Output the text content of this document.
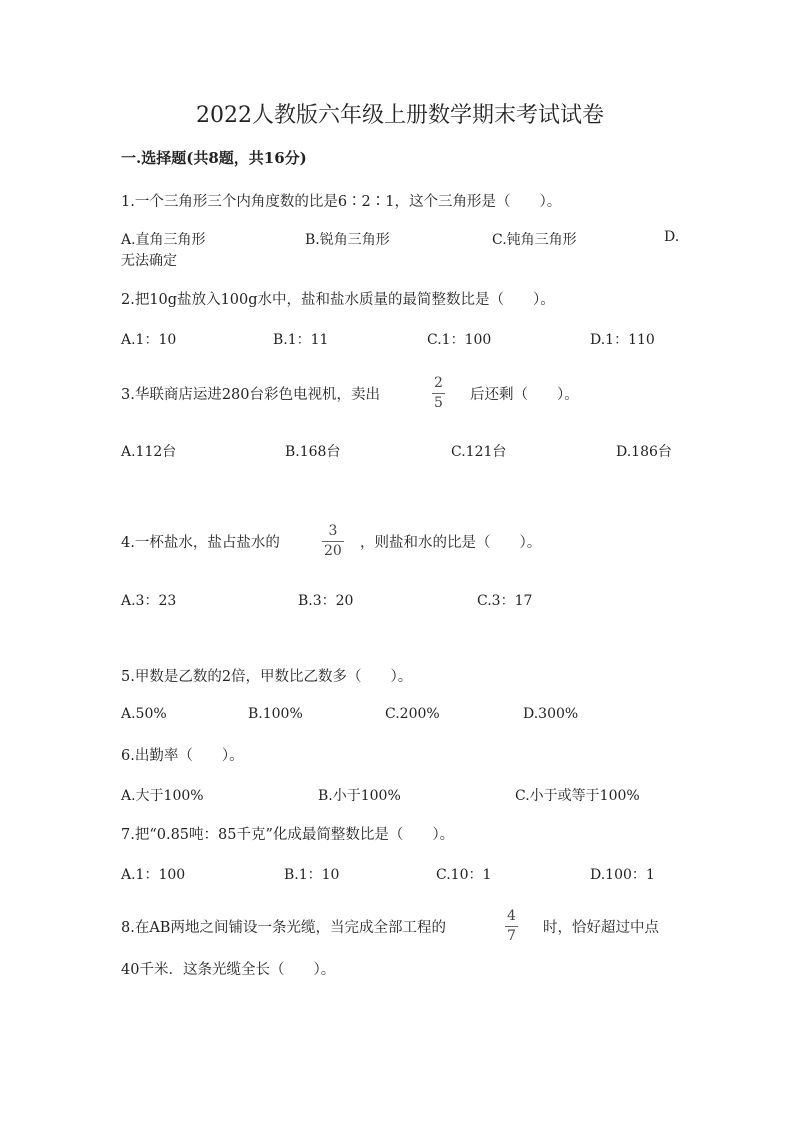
2022人教版六年级上册数学期末考试试卷
一.选择题(共8题，共16分)
1.一个三角形三个内角度数的比是6∶2∶1，这个三角形是（　　）。
A.直角三角形	B.锐角三角形	C.钝角三角形	D.
无法确定
2.把10g盐放入100g水中，盐和盐水质量的最简整数比是（　　）。
A.1：10	B.1：11	C.1：100	D.1：110
3.华联商店运进280台彩色电视机，卖出
2
5 后还剩（　　）。
A.112台	B.168台	C.121台	D.186台
4.一杯盐水，盐占盐水的
3
20 ，则盐和水的比是（　　）。
A.3：23	B.3：20	C.3：17
5.甲数是乙数的2倍，甲数比乙数多（　　）。
A.50%	B.100%	C.200%	D.300%
6.出勤率（　　）。
A.大于100%	B.小于100%	C.小于或等于100%
7.把“0.85吨：85千克”化成最简整数比是（　　）。
A.1：100	B.1：10	C.10：1	D.100：1
8.在AB两地之间铺设一条光缆，当完成全部工程的
4
7 时，恰好超过中点
40千米．这条光缆全长（　　）。
